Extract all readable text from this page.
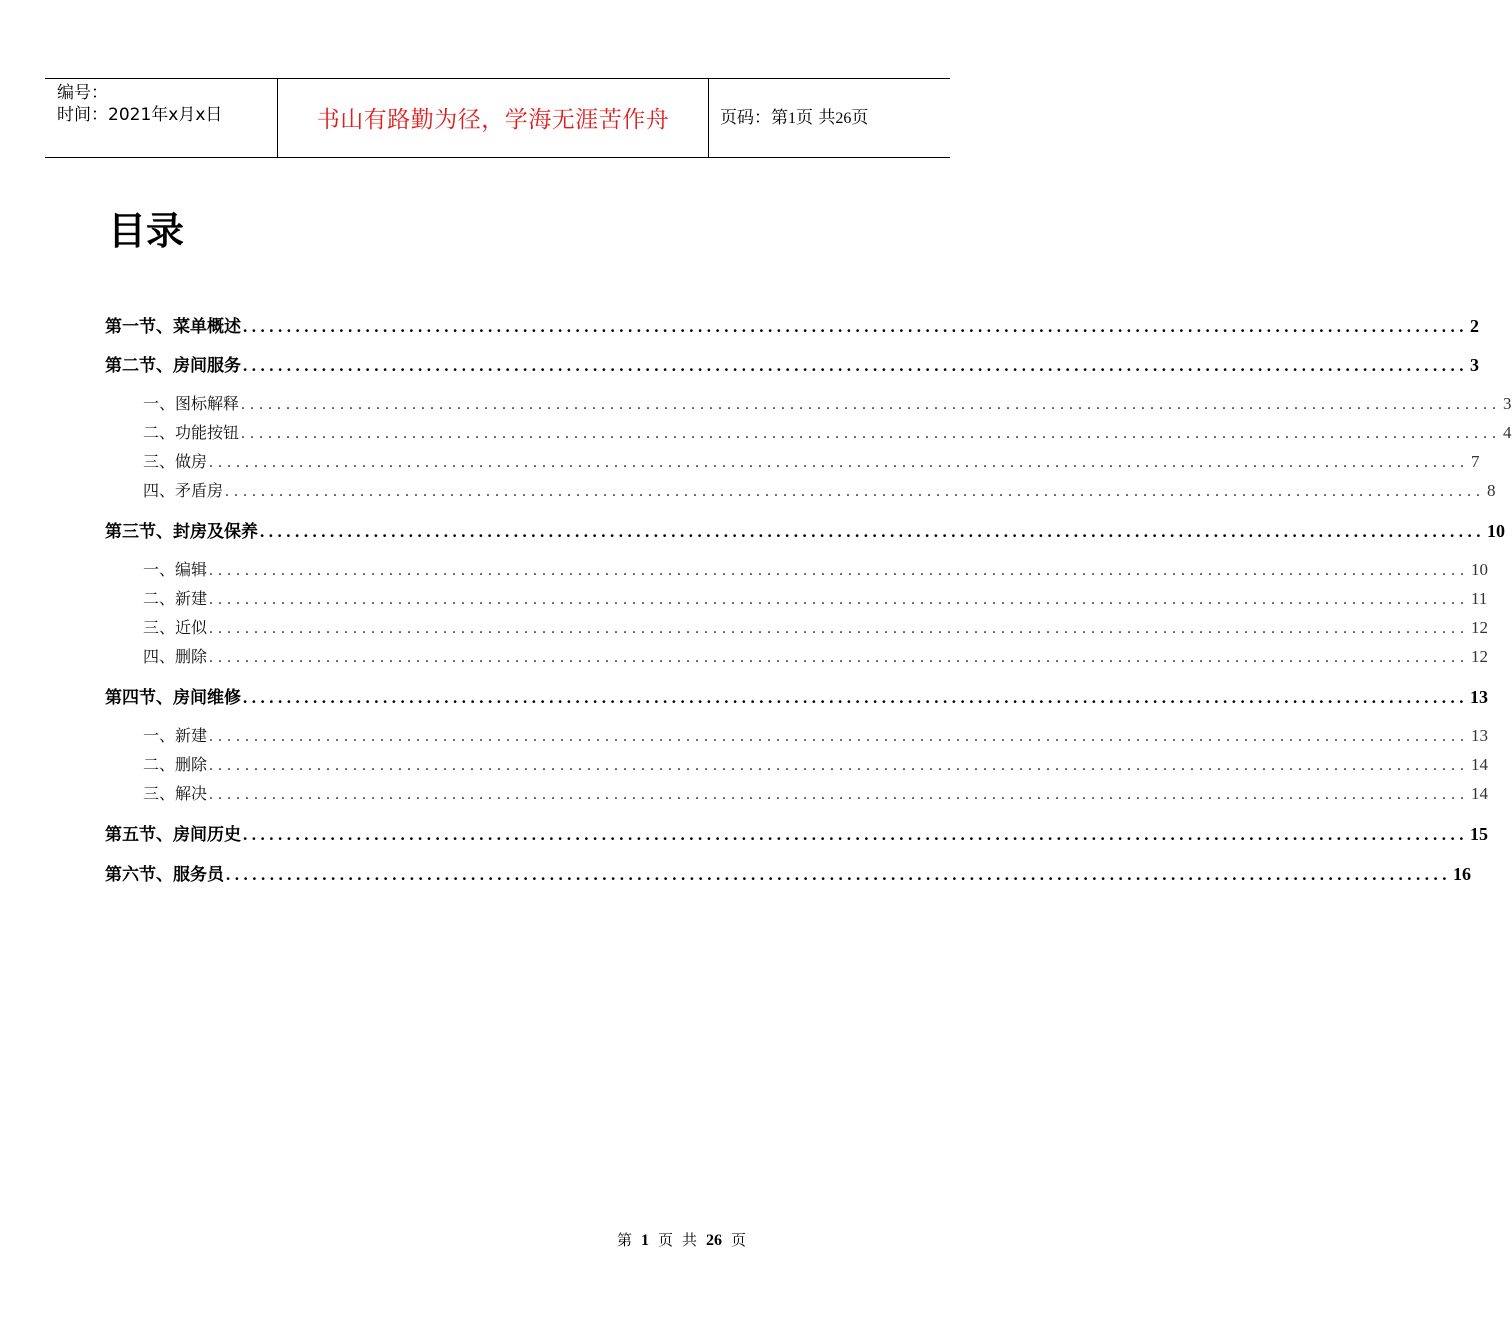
编号：
时间：2021年x月x日	书山有路勤为径，学海无涯苦作舟	页码：第1页 共26页
目录
第一节、菜单概述 ............................................................................................................................................ 2
第二节、房间服务 ............................................................................................................................................ 3
一、图标解释 ............................................................................................................................................ 3
二、功能按钮 ............................................................................................................................................ 4
三、做房 ............................................................................................................................................ 7
四、矛盾房 ............................................................................................................................................ 8
第三节、封房及保养 ............................................................................................................................................ 10
一、编辑 ............................................................................................................................................ 10
二、新建 ............................................................................................................................................ 11
三、近似 ............................................................................................................................................ 12
四、删除 ............................................................................................................................................ 12
第四节、房间维修 ............................................................................................................................................ 13
一、新建 ............................................................................................................................................ 13
二、删除 ............................................................................................................................................ 14
三、解决 ............................................................................................................................................ 14
第五节、房间历史 ............................................................................................................................................ 15
第六节、服务员 ............................................................................................................................................ 16
第 1 页 共 26 页
